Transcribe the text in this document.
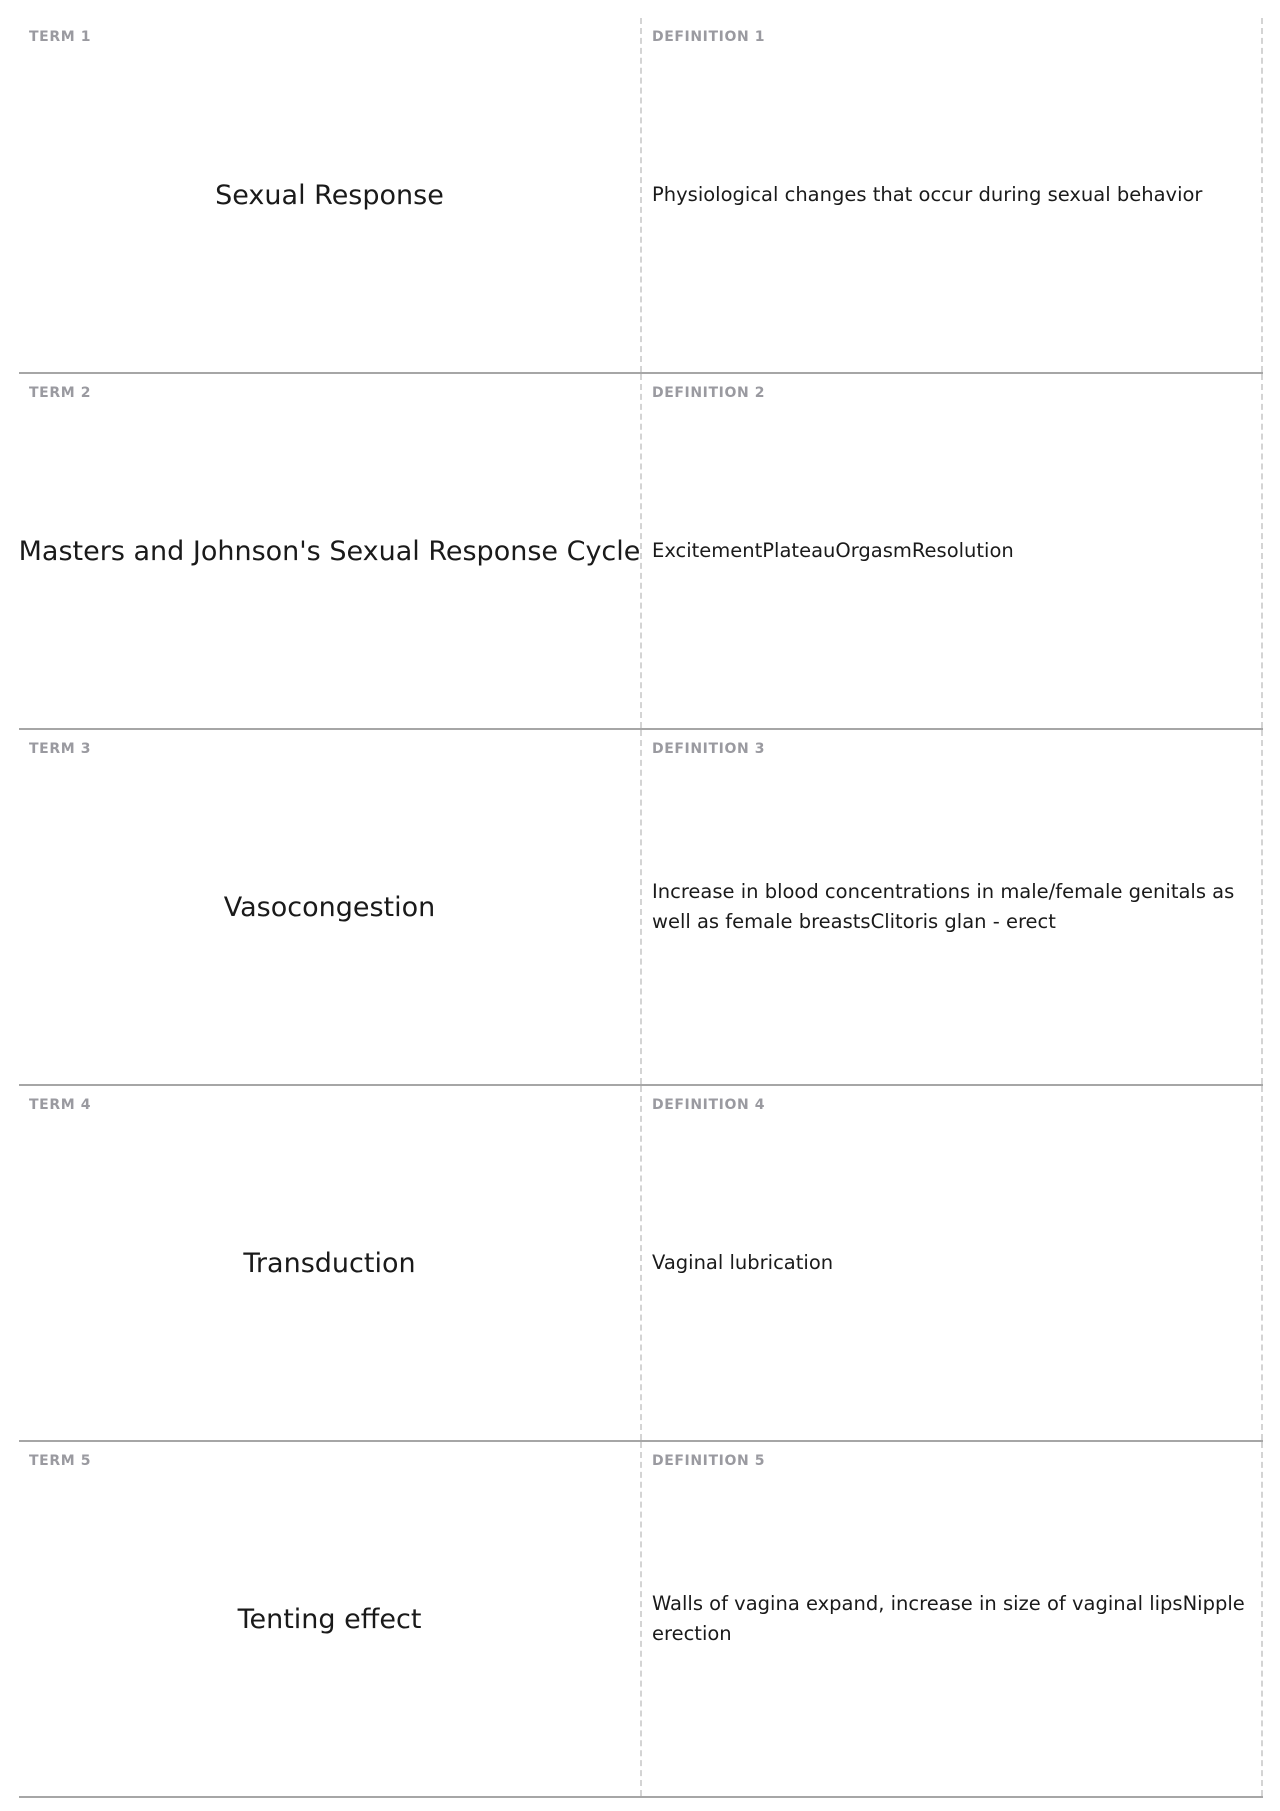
TERM 1
Sexual Response
DEFINITION 1
Physiological changes that occur during sexual behavior
TERM 2
Masters and Johnson's Sexual Response Cycle
DEFINITION 2
ExcitementPlateauOrgasmResolution
TERM 3
Vasocongestion
DEFINITION 3
Increase in blood concentrations in male/female genitals as well as female breastsClitoris glan - erect
TERM 4
Transduction
DEFINITION 4
Vaginal lubrication
TERM 5
Tenting effect
DEFINITION 5
Walls of vagina expand, increase in size of vaginal lipsNipple erection
